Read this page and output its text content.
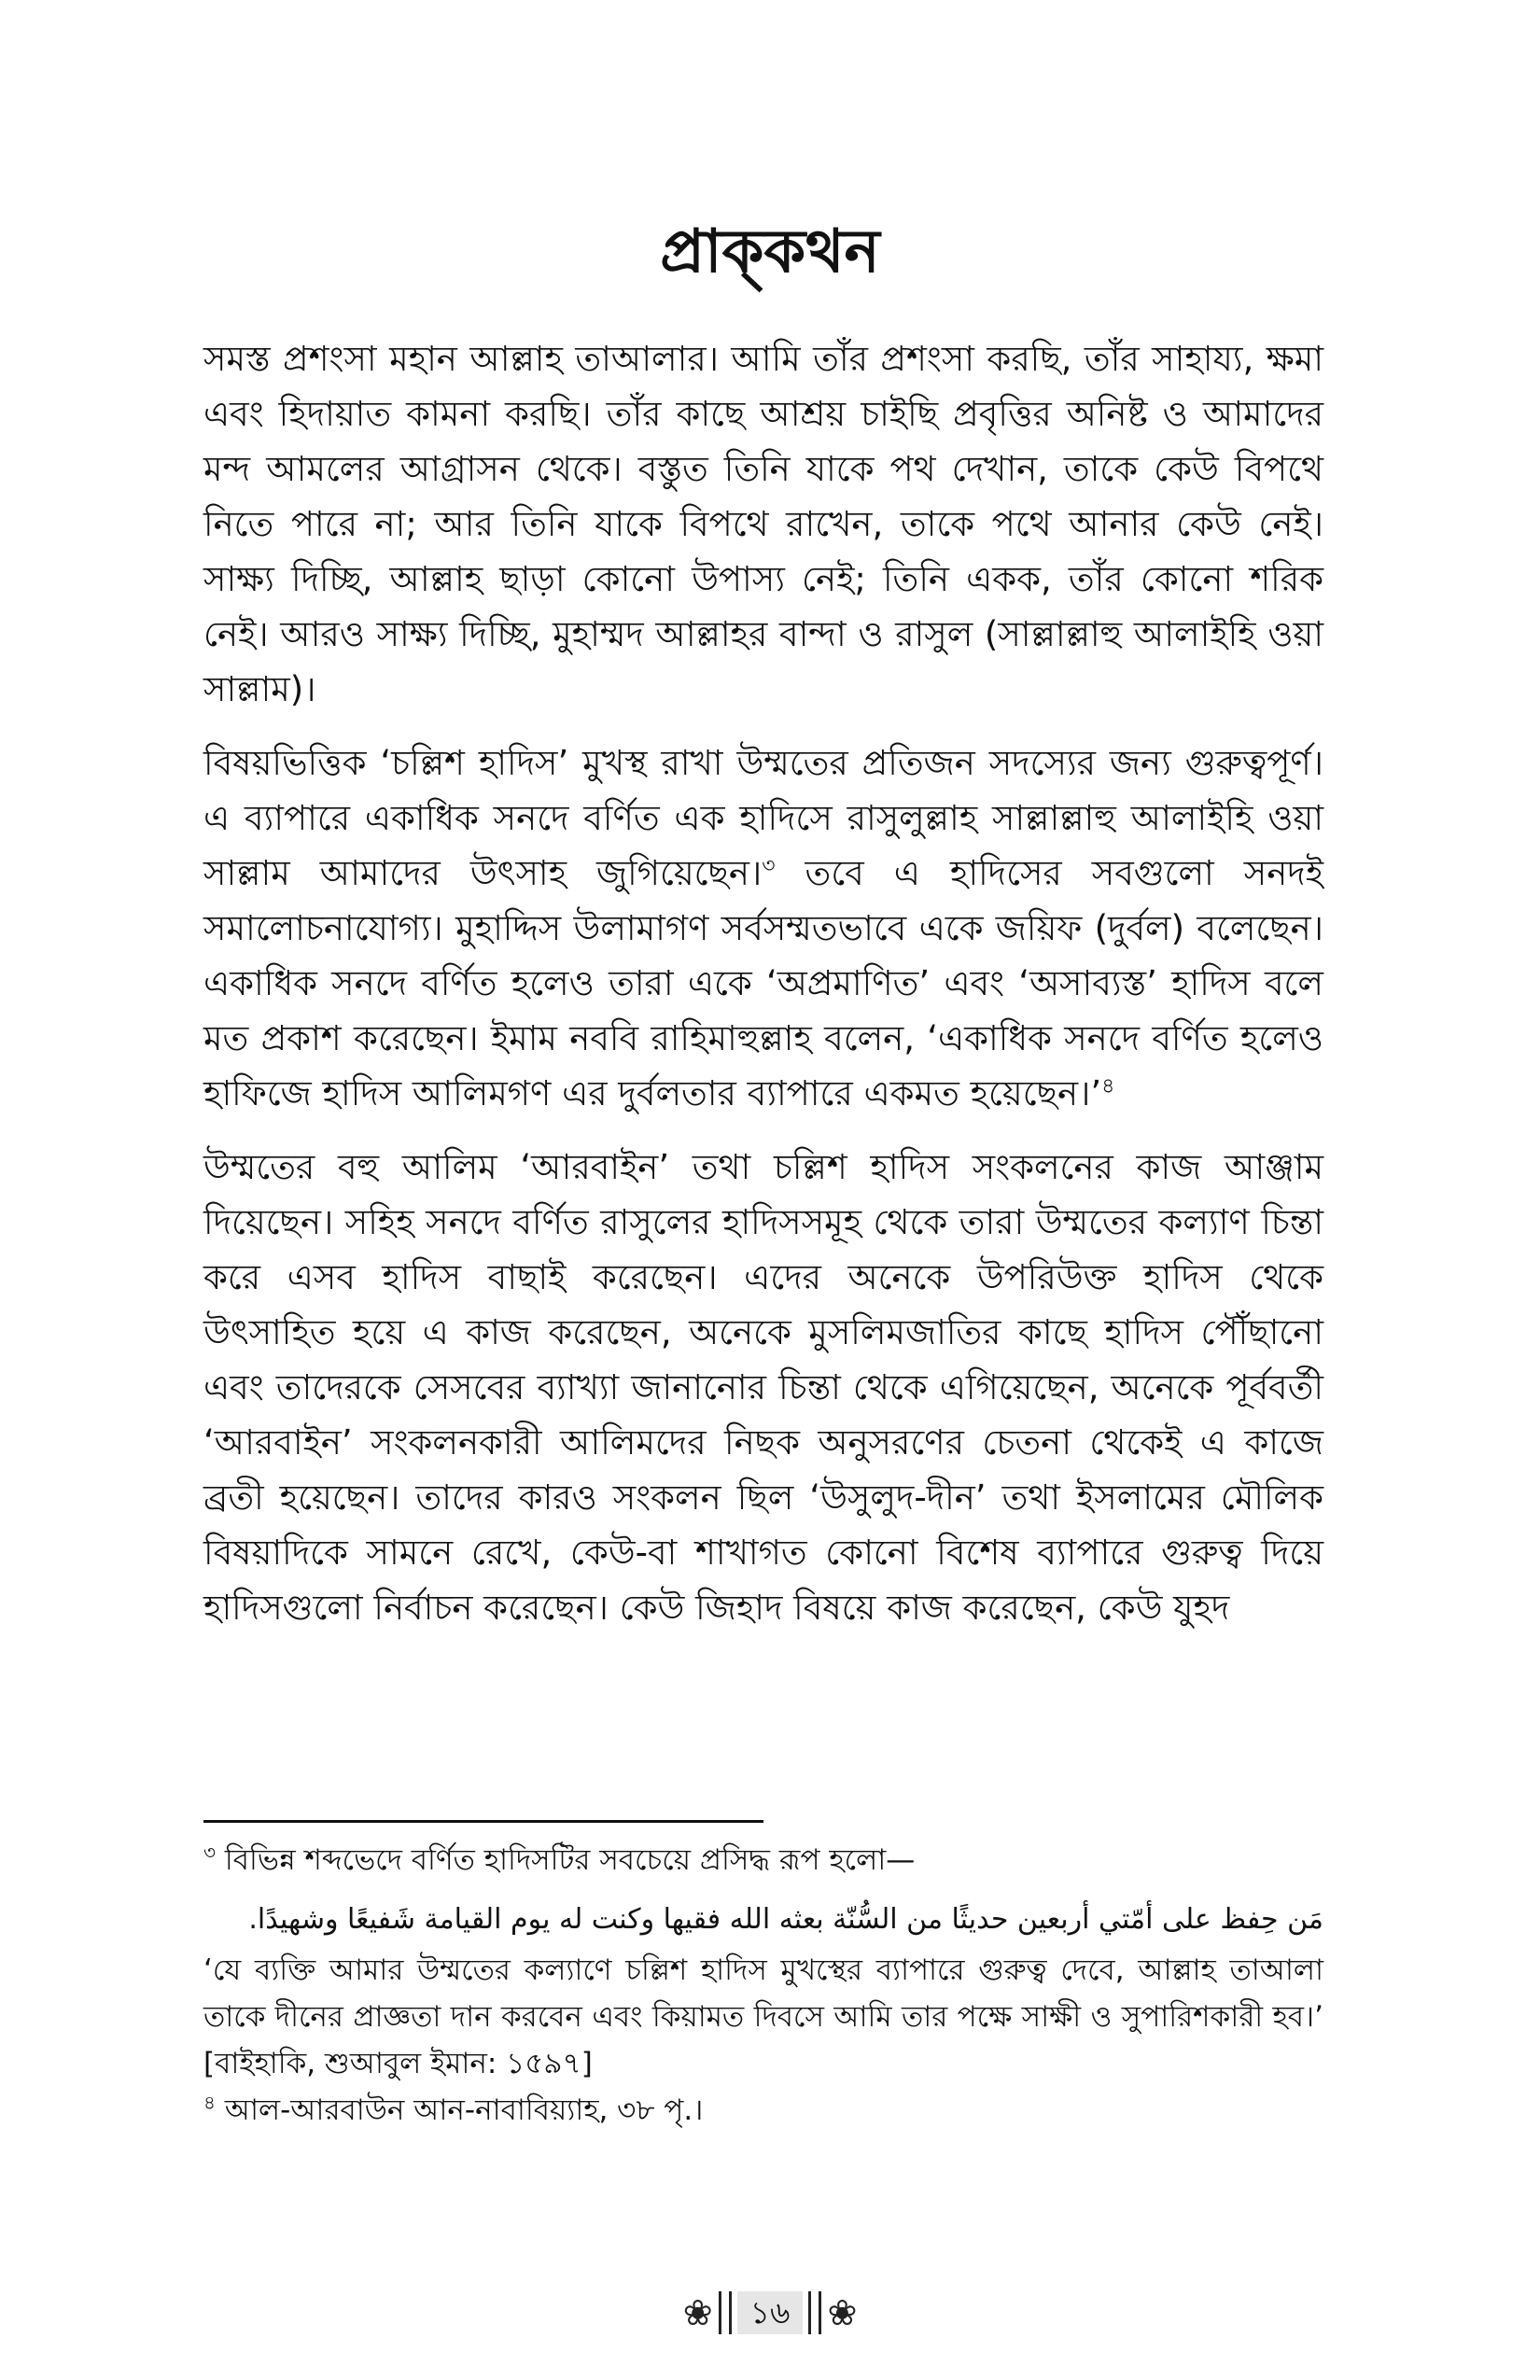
প্রাক্‌কথন

সমস্ত প্রশংসা মহান আল্লাহ তাআলার। আমি তাঁর প্রশংসা করছি, তাঁর সাহায্য, ক্ষমা এবং হিদায়াত কামনা করছি। তাঁর কাছে আশ্রয় চাইছি প্রবৃত্তির অনিষ্ট ও আমাদের মন্দ আমলের আগ্রাসন থেকে। বস্তুত তিনি যাকে পথ দেখান, তাকে কেউ বিপথে নিতে পারে না; আর তিনি যাকে বিপথে রাখেন, তাকে পথে আনার কেউ নেই। সাক্ষ্য দিচ্ছি, আল্লাহ ছাড়া কোনো উপাস্য নেই; তিনি একক, তাঁর কোনো শরিক নেই। আরও সাক্ষ্য দিচ্ছি, মুহাম্মদ আল্লাহর বান্দা ও রাসুল (সাল্লাল্লাহু আলাইহি ওয়া সাল্লাম)।

বিষয়ভিত্তিক ‘চল্লিশ হাদিস’ মুখস্থ রাখা উম্মতের প্রতিজন সদস্যের জন্য গুরুত্বপূর্ণ। এ ব্যাপারে একাধিক সনদে বর্ণিত এক হাদিসে রাসুলুল্লাহ সাল্লাল্লাহু আলাইহি ওয়া সাল্লাম আমাদের উৎসাহ জুগিয়েছেন।$^৩$ তবে এ হাদিসের সবগুলো সনদই সমালোচনাযোগ্য। মুহাদ্দিস উলামাগণ সর্বসম্মতভাবে একে জয়িফ (দুর্বল) বলেছেন। একাধিক সনদে বর্ণিত হলেও তারা একে ‘অপ্রমাণিত’ এবং ‘অসাব্যস্ত’ হাদিস বলে মত প্রকাশ করেছেন। ইমাম নববি রাহিমাহুল্লাহ বলেন, ‘একাধিক সনদে বর্ণিত হলেও হাফিজে হাদিস আলিমগণ এর দুর্বলতার ব্যাপারে একমত হয়েছেন।’$^৪$

উম্মতের বহু আলিম ‘আরবাইন’ তথা চল্লিশ হাদিস সংকলনের কাজ আঞ্জাম দিয়েছেন। সহিহ সনদে বর্ণিত রাসুলের হাদিসসমূহ থেকে তারা উম্মতের কল্যাণ চিন্তা করে এসব হাদিস বাছাই করেছেন। এদের অনেকে উপরিউক্ত হাদিস থেকে উৎসাহিত হয়ে এ কাজ করেছেন, অনেকে মুসলিমজাতির কাছে হাদিস পৌঁছানো এবং তাদেরকে সেসবের ব্যাখ্যা জানানোর চিন্তা থেকে এগিয়েছেন, অনেকে পূর্ববর্তী ‘আরবাইন’ সংকলনকারী আলিমদের নিছক অনুসরণের চেতনা থেকেই এ কাজে ব্রতী হয়েছেন। তাদের কারও সংকলন ছিল ‘উসুলুদ-দীন’ তথা ইসলামের মৌলিক বিষয়াদিকে সামনে রেখে, কেউ-বা শাখাগত কোনো বিশেষ ব্যাপারে গুরুত্ব দিয়ে হাদিসগুলো নির্বাচন করেছেন। কেউ জিহাদ বিষয়ে কাজ করেছেন, কেউ যুহদ

$^৩$ বিভিন্ন শব্দভেদে বর্ণিত হাদিসটির সবচেয়ে প্রসিদ্ধ রূপ হলো—

مَن حِفظ على أمّتي أربعين حديثًا من السُّنّة بعثه الله فقيها وكنت له يوم القيامة شَفيعًا وشهيدًا.

‘যে ব্যক্তি আমার উম্মতের কল্যাণে চল্লিশ হাদিস মুখস্থের ব্যাপারে গুরুত্ব দেবে, আল্লাহ তাআলা তাকে দীনের প্রাজ্ঞতা দান করবেন এবং কিয়ামত দিবসে আমি তার পক্ষে সাক্ষী ও সুপারিশকারী হব।’ [বাইহাকি, শুআবুল ইমান: ১৫৯৭]

$^৪$ আল-আরবাউন আন-নাবাবিয়্যাহ, ৩৮ পৃ.।

❀	১৬	❀
